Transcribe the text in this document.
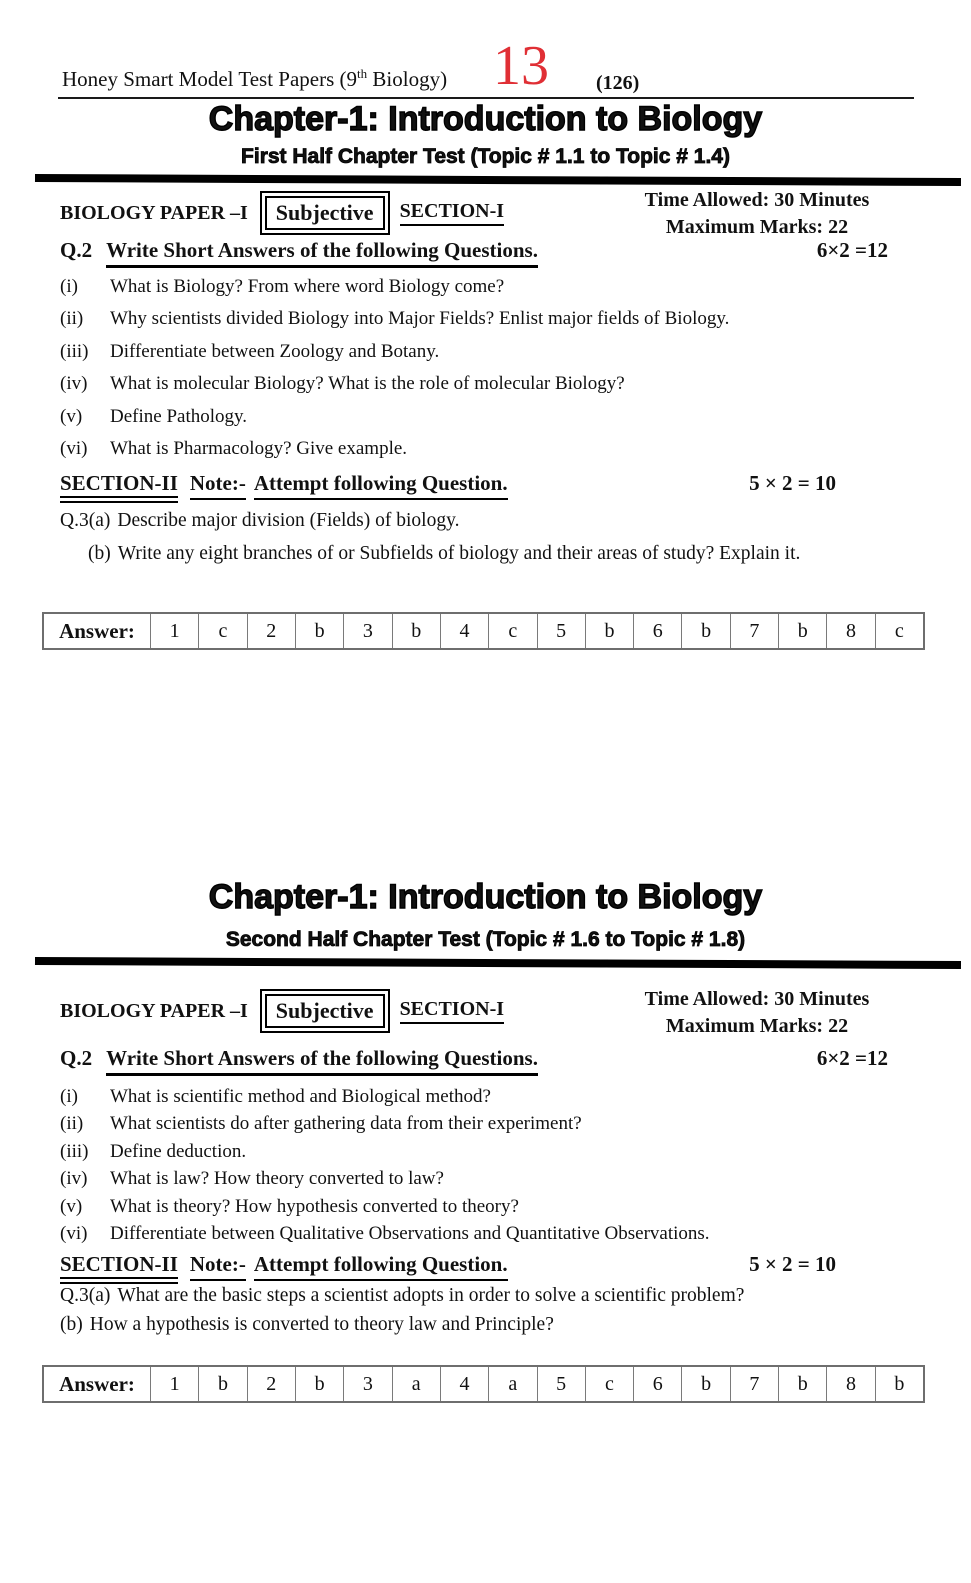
Honey Smart Model Test Papers (9th Biology) 13 (126)
Chapter-1: Introduction to Biology
First Half Chapter Test (Topic # 1.1 to Topic # 1.4)
BIOLOGY PAPER –I	Subjective	SECTION-I	Time Allowed: 30 Minutes
Maximum Marks: 22
Q.2 Write Short Answers of the following Questions.	6×2 =12
(i)	What is Biology? From where word Biology come?
(ii)	Why scientists divided Biology into Major Fields? Enlist major fields of Biology.
(iii)	Differentiate between Zoology and Botany.
(iv)	What is molecular Biology? What is the role of molecular Biology?
(v)	Define Pathology.
(vi)	What is Pharmacology? Give example.
SECTION-II Note:- Attempt following Question.	5 × 2 = 10
Q.3(a) Describe major division (Fields) of biology.
(b) Write any eight branches of or Subfields of biology and their areas of study? Explain it.
Answer:	1	c	2	b	3	b	4	c	5	b	6	b	7	b	8	c
Chapter-1: Introduction to Biology
Second Half Chapter Test (Topic # 1.6 to Topic # 1.8)
BIOLOGY PAPER –I	Subjective	SECTION-I	Time Allowed: 30 Minutes
Maximum Marks: 22
Q.2 Write Short Answers of the following Questions.	6×2 =12
(i)	What is scientific method and Biological method?
(ii)	What scientists do after gathering data from their experiment?
(iii)	Define deduction.
(iv)	What is law? How theory converted to law?
(v)	What is theory? How hypothesis converted to theory?
(vi)	Differentiate between Qualitative Observations and Quantitative Observations.
SECTION-II Note:- Attempt following Question.	5 × 2 = 10
Q.3(a) What are the basic steps a scientist adopts in order to solve a scientific problem?
(b) How a hypothesis is converted to theory law and Principle?
Answer:	1	b	2	b	3	a	4	a	5	c	6	b	7	b	8	b
